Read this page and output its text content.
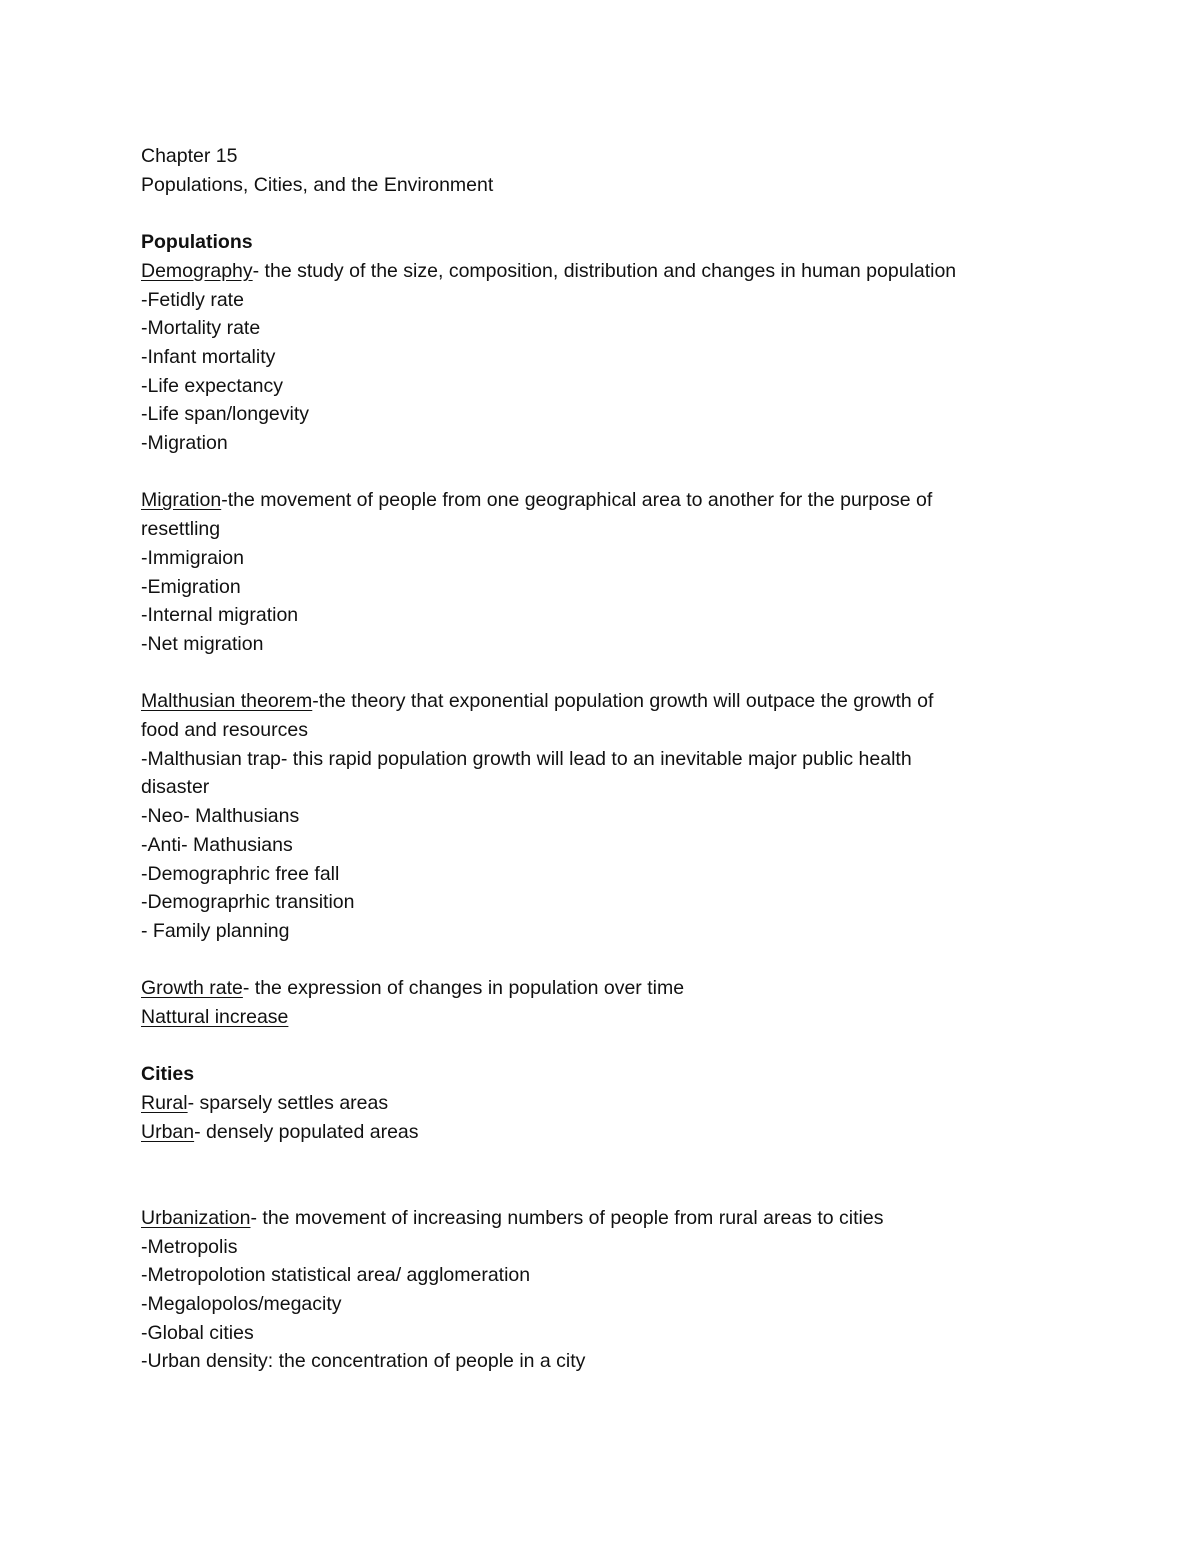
Chapter 15

Populations, Cities, and the Environment

Populations

Demography- the study of the size, composition, distribution and changes in human population

-Fetidly rate

-Mortality rate

-Infant mortality

-Life expectancy

-Life span/longevity

-Migration

Migration-the movement of people from one geographical area to another for the purpose of

resettling

-Immigraion

-Emigration

-Internal migration

-Net migration

Malthusian theorem-the theory that exponential population growth will outpace the growth of

food and resources

-Malthusian trap- this rapid population growth will lead to an inevitable major public health

disaster

-Neo- Malthusians

-Anti- Mathusians

-Demographric free fall

-Demograprhic transition

- Family planning

Growth rate- the expression of changes in population over time

Nattural increase

Cities

Rural- sparsely settles areas

Urban- densely populated areas

Urbanization- the movement of increasing numbers of people from rural areas to cities

-Metropolis

-Metropolotion statistical area/ agglomeration

-Megalopolos/megacity

-Global cities

-Urban density: the concentration of people in a city
